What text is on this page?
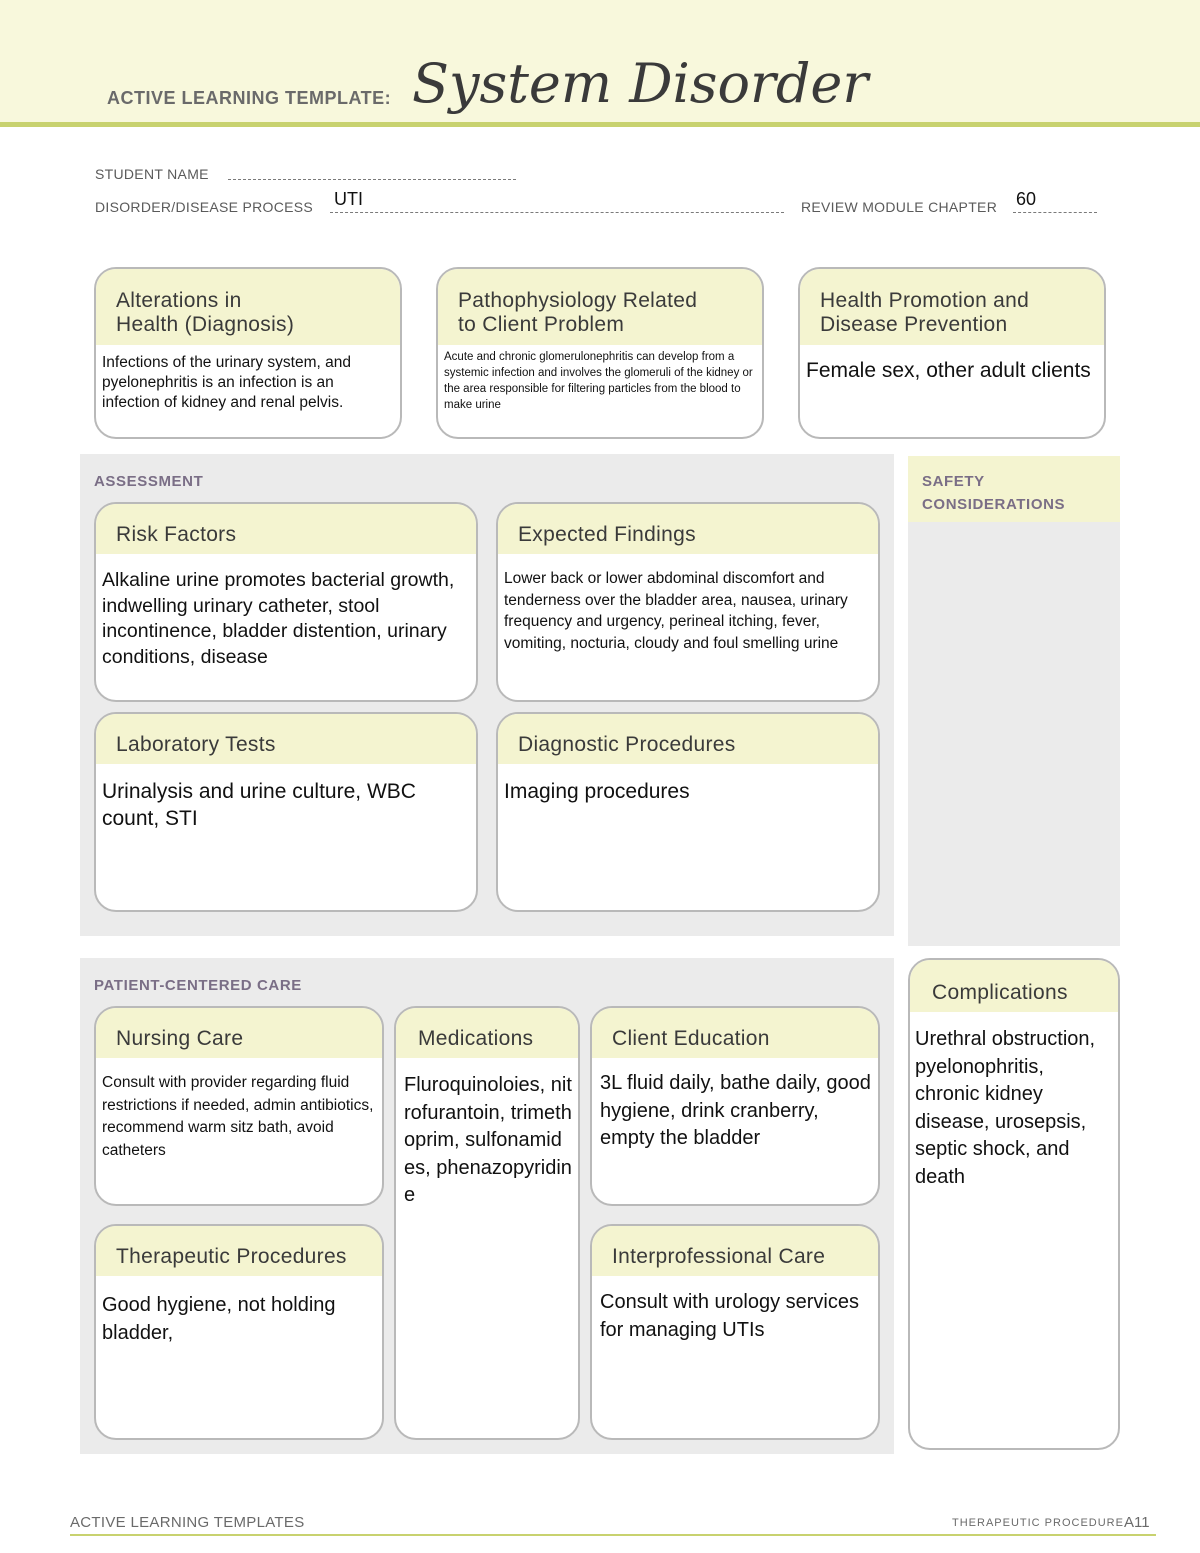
ACTIVE LEARNING TEMPLATE: System Disorder
STUDENT NAME
DISORDER/DISEASE PROCESS UTI	REVIEW MODULE CHAPTER 60
Alterations in
Health (Diagnosis)
Infections of the urinary system, and pyelonephritis is an infection is an infection of kidney and renal pelvis.
Pathophysiology Related
to Client Problem
Acute and chronic glomerulonephritis can develop from a systemic infection and involves the glomeruli of the kidney or the area responsible for filtering particles from the blood to make urine
Health Promotion and
Disease Prevention
Female sex, other adult clients
ASSESSMENT
Risk Factors
Alkaline urine promotes bacterial growth, indwelling urinary catheter, stool incontinence, bladder distention, urinary conditions, disease
Expected Findings
Lower back or lower abdominal discomfort and tenderness over the bladder area, nausea, urinary frequency and urgency, perineal itching, fever, vomiting, nocturia, cloudy and foul smelling urine
Laboratory Tests
Urinalysis and urine culture, WBC count, STI
Diagnostic Procedures
Imaging procedures
SAFETY
CONSIDERATIONS
PATIENT-CENTERED CARE
Nursing Care
Consult with provider regarding fluid restrictions if needed, admin antibiotics, recommend warm sitz bath, avoid catheters
Medications
Fluroquinoloies, nitrofurantoin, trimethoprim, sulfonamides, phenazopyridine
Client Education
3L fluid daily, bathe daily, good hygiene, drink cranberry, empty the bladder
Therapeutic Procedures
Good hygiene, not holding bladder,
Interprofessional Care
Consult with urology services for managing UTIs
Complications
Urethral obstruction, pyelonophritis, chronic kidney disease, urosepsis, septic shock, and death
ACTIVE LEARNING TEMPLATES	THERAPEUTIC PROCEDURE A11
